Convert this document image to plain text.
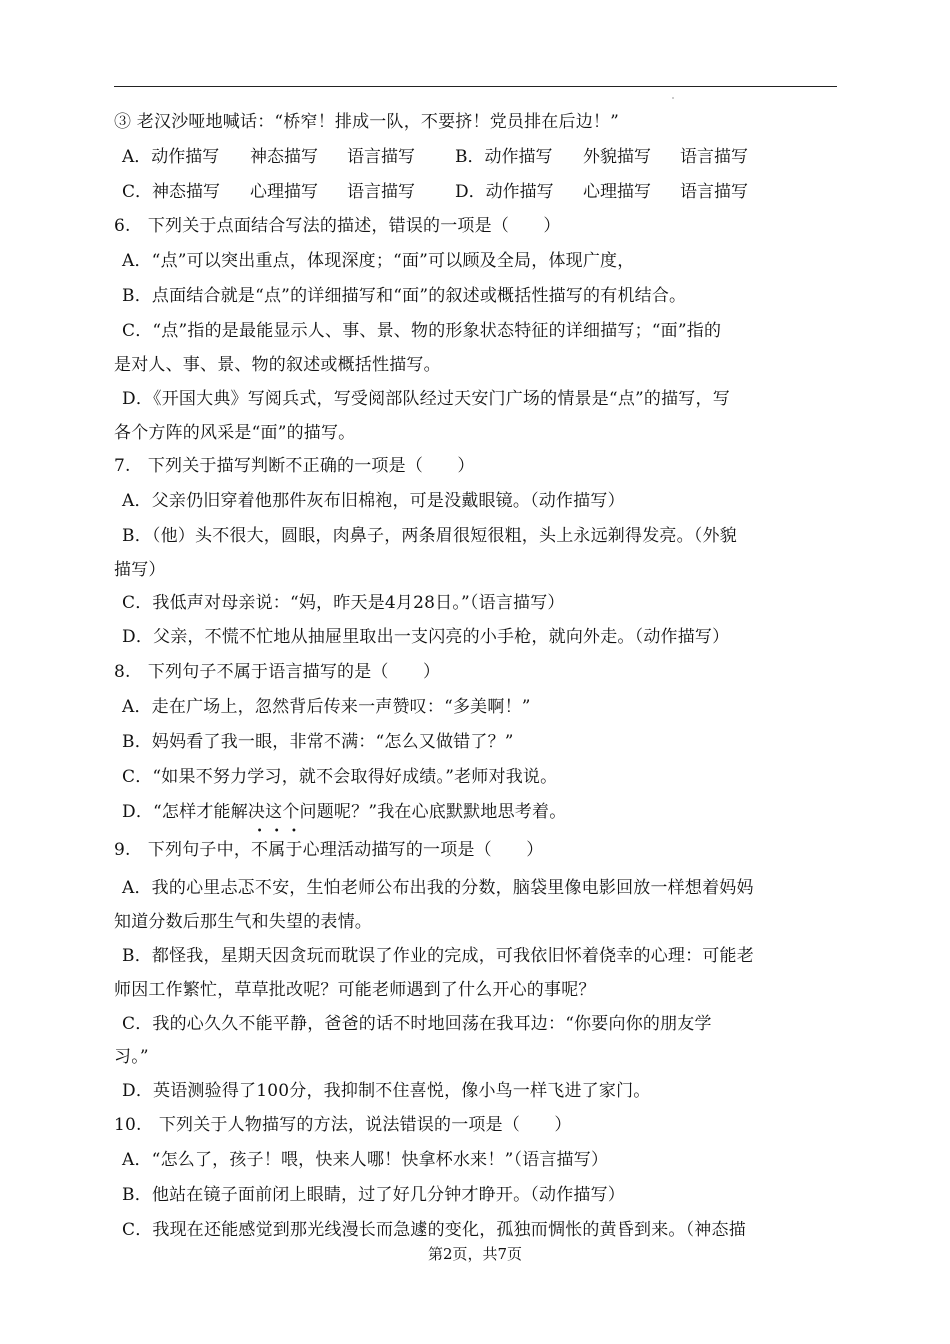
③ 老汉沙哑地喊话：“桥窄！排成一队，不要挤！党员排在后边！”
A．动作描写 神态描写 语言描写 B．动作描写 外貌描写 语言描写
C．神态描写 心理描写 语言描写 D．动作描写 心理描写 语言描写
6.　下列关于点面结合写法的描述，错误的一项是（　　）
A．“点”可以突出重点，体现深度；“面”可以顾及全局，体现广度，
B．点面结合就是“点”的详细描写和“面”的叙述或概括性描写的有机结合。
C．“点”指的是最能显示人、事、景、物的形象状态特征的详细描写；“面”指的
是对人、事、景、物的叙述或概括性描写。
D．《开国大典》写阅兵式，写受阅部队经过天安门广场的情景是“点”的描写，写
各个方阵的风采是“面”的描写。
7.　下列关于描写判断不正确的一项是（　　）
A．父亲仍旧穿着他那件灰布旧棉袍，可是没戴眼镜。（动作描写）
B．（他）头不很大，圆眼，肉鼻子，两条眉很短很粗，头上永远剃得发亮。（外貌
描写）
C．我低声对母亲说：“妈，昨天是4月28日。”（语言描写）
D．父亲，不慌不忙地从抽屉里取出一支闪亮的小手枪，就向外走。（动作描写）
8.　下列句子不属于语言描写的是（　　）
A．走在广场上，忽然背后传来一声赞叹：“多美啊！”
B．妈妈看了我一眼，非常不满：“怎么又做错了？”
C．“如果不努力学习，就不会取得好成绩。”老师对我说。
D．“怎样才能解决这个问题呢？”我在心底默默地思考着。
9.　下列句子中，不属于心理活动描写的一项是（　　）
A．我的心里忐忑不安，生怕老师公布出我的分数，脑袋里像电影回放一样想着妈妈
知道分数后那生气和失望的表情。
B．都怪我，星期天因贪玩而耽误了作业的完成，可我依旧怀着侥幸的心理：可能老
师因工作繁忙，草草批改呢？可能老师遇到了什么开心的事呢？
C．我的心久久不能平静，爸爸的话不时地回荡在我耳边：“你要向你的朋友学
习。”
D．英语测验得了100分，我抑制不住喜悦，像小鸟一样飞进了家门。
10.　下列关于人物描写的方法，说法错误的一项是（　　）
A．“怎么了，孩子！喂，快来人哪！快拿杯水来！”（语言描写）
B．他站在镜子面前闭上眼睛，过了好几分钟才睁开。（动作描写）
C．我现在还能感觉到那光线漫长而急遽的变化，孤独而惆怅的黄昏到来。（神态描
第2页，共7页
